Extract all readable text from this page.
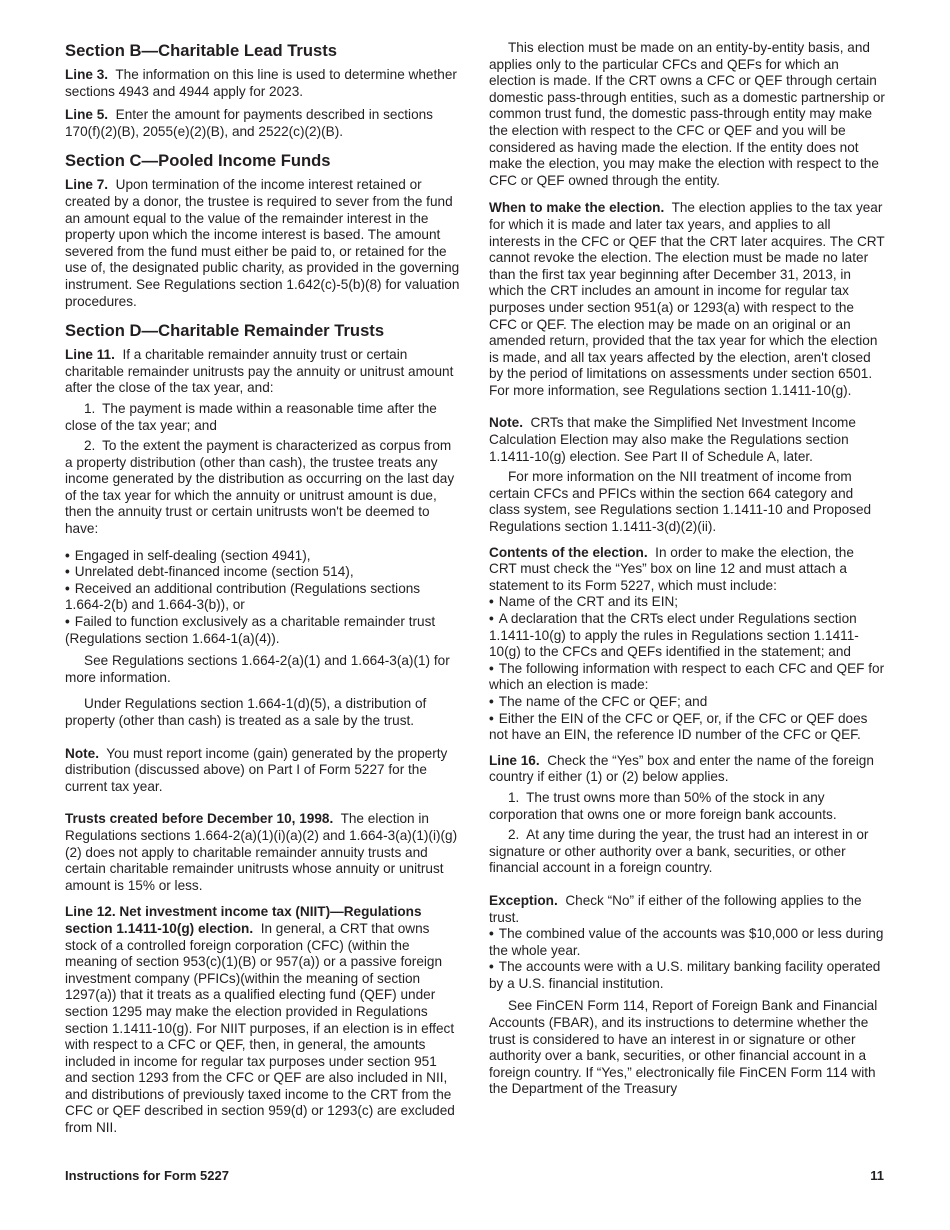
Section B—Charitable Lead Trusts
Line 3. The information on this line is used to determine whether sections 4943 and 4944 apply for 2023.
Line 5. Enter the amount for payments described in sections 170(f)(2)(B), 2055(e)(2)(B), and 2522(c)(2)(B).
Section C—Pooled Income Funds
Line 7. Upon termination of the income interest retained or created by a donor, the trustee is required to sever from the fund an amount equal to the value of the remainder interest in the property upon which the income interest is based. The amount severed from the fund must either be paid to, or retained for the use of, the designated public charity, as provided in the governing instrument. See Regulations section 1.642(c)-5(b)(8) for valuation procedures.
Section D—Charitable Remainder Trusts
Line 11. If a charitable remainder annuity trust or certain charitable remainder unitrusts pay the annuity or unitrust amount after the close of the tax year, and:
1. The payment is made within a reasonable time after the close of the tax year; and
2. To the extent the payment is characterized as corpus from a property distribution (other than cash), the trustee treats any income generated by the distribution as occurring on the last day of the tax year for which the annuity or unitrust amount is due, then the annuity trust or certain unitrusts won't be deemed to have:
• Engaged in self-dealing (section 4941),
• Unrelated debt-financed income (section 514),
• Received an additional contribution (Regulations sections 1.664-2(b) and 1.664-3(b)), or
• Failed to function exclusively as a charitable remainder trust (Regulations section 1.664-1(a)(4)).
See Regulations sections 1.664-2(a)(1) and 1.664-3(a)(1) for more information.
Under Regulations section 1.664-1(d)(5), a distribution of property (other than cash) is treated as a sale by the trust.
Note. You must report income (gain) generated by the property distribution (discussed above) on Part I of Form 5227 for the current tax year.
Trusts created before December 10, 1998. The election in Regulations sections 1.664-2(a)(1)(i)(a)(2) and 1.664-3(a)(1)(i)(g)(2) does not apply to charitable remainder annuity trusts and certain charitable remainder unitrusts whose annuity or unitrust amount is 15% or less.
Line 12. Net investment income tax (NIIT)—Regulations section 1.1411-10(g) election. In general, a CRT that owns stock of a controlled foreign corporation (CFC) (within the meaning of section 953(c)(1)(B) or 957(a)) or a passive foreign investment company (PFICs)(within the meaning of section 1297(a)) that it treats as a qualified electing fund (QEF) under section 1295 may make the election provided in Regulations section 1.1411-10(g). For NIIT purposes, if an election is in effect with respect to a CFC or QEF, then, in general, the amounts included in income for regular tax purposes under section 951 and section 1293 from the CFC or QEF are also included in NII, and distributions of previously taxed income to the CRT from the CFC or QEF described in section 959(d) or 1293(c) are excluded from NII.
This election must be made on an entity-by-entity basis, and applies only to the particular CFCs and QEFs for which an election is made. If the CRT owns a CFC or QEF through certain domestic pass-through entities, such as a domestic partnership or common trust fund, the domestic pass-through entity may make the election with respect to the CFC or QEF and you will be considered as having made the election. If the entity does not make the election, you may make the election with respect to the CFC or QEF owned through the entity.
When to make the election. The election applies to the tax year for which it is made and later tax years, and applies to all interests in the CFC or QEF that the CRT later acquires. The CRT cannot revoke the election. The election must be made no later than the first tax year beginning after December 31, 2013, in which the CRT includes an amount in income for regular tax purposes under section 951(a) or 1293(a) with respect to the CFC or QEF. The election may be made on an original or an amended return, provided that the tax year for which the election is made, and all tax years affected by the election, aren't closed by the period of limitations on assessments under section 6501. For more information, see Regulations section 1.1411-10(g).
Note. CRTs that make the Simplified Net Investment Income Calculation Election may also make the Regulations section 1.1411-10(g) election. See Part II of Schedule A, later.
For more information on the NII treatment of income from certain CFCs and PFICs within the section 664 category and class system, see Regulations section 1.1411-10 and Proposed Regulations section 1.1411-3(d)(2)(ii).
Contents of the election. In order to make the election, the CRT must check the “Yes” box on line 12 and must attach a statement to its Form 5227, which must include:
• Name of the CRT and its EIN;
• A declaration that the CRTs elect under Regulations section 1.1411-10(g) to apply the rules in Regulations section 1.1411-10(g) to the CFCs and QEFs identified in the statement; and
• The following information with respect to each CFC and QEF for which an election is made:
• The name of the CFC or QEF; and
• Either the EIN of the CFC or QEF, or, if the CFC or QEF does not have an EIN, the reference ID number of the CFC or QEF.
Line 16. Check the “Yes” box and enter the name of the foreign country if either (1) or (2) below applies.
1. The trust owns more than 50% of the stock in any corporation that owns one or more foreign bank accounts.
2. At any time during the year, the trust had an interest in or signature or other authority over a bank, securities, or other financial account in a foreign country.
Exception. Check “No” if either of the following applies to the trust.
• The combined value of the accounts was $10,000 or less during the whole year.
• The accounts were with a U.S. military banking facility operated by a U.S. financial institution.
See FinCEN Form 114, Report of Foreign Bank and Financial Accounts (FBAR), and its instructions to determine whether the trust is considered to have an interest in or signature or other authority over a bank, securities, or other financial account in a foreign country. If “Yes,” electronically file FinCEN Form 114 with the Department of the Treasury
Instructions for Form 5227	11
